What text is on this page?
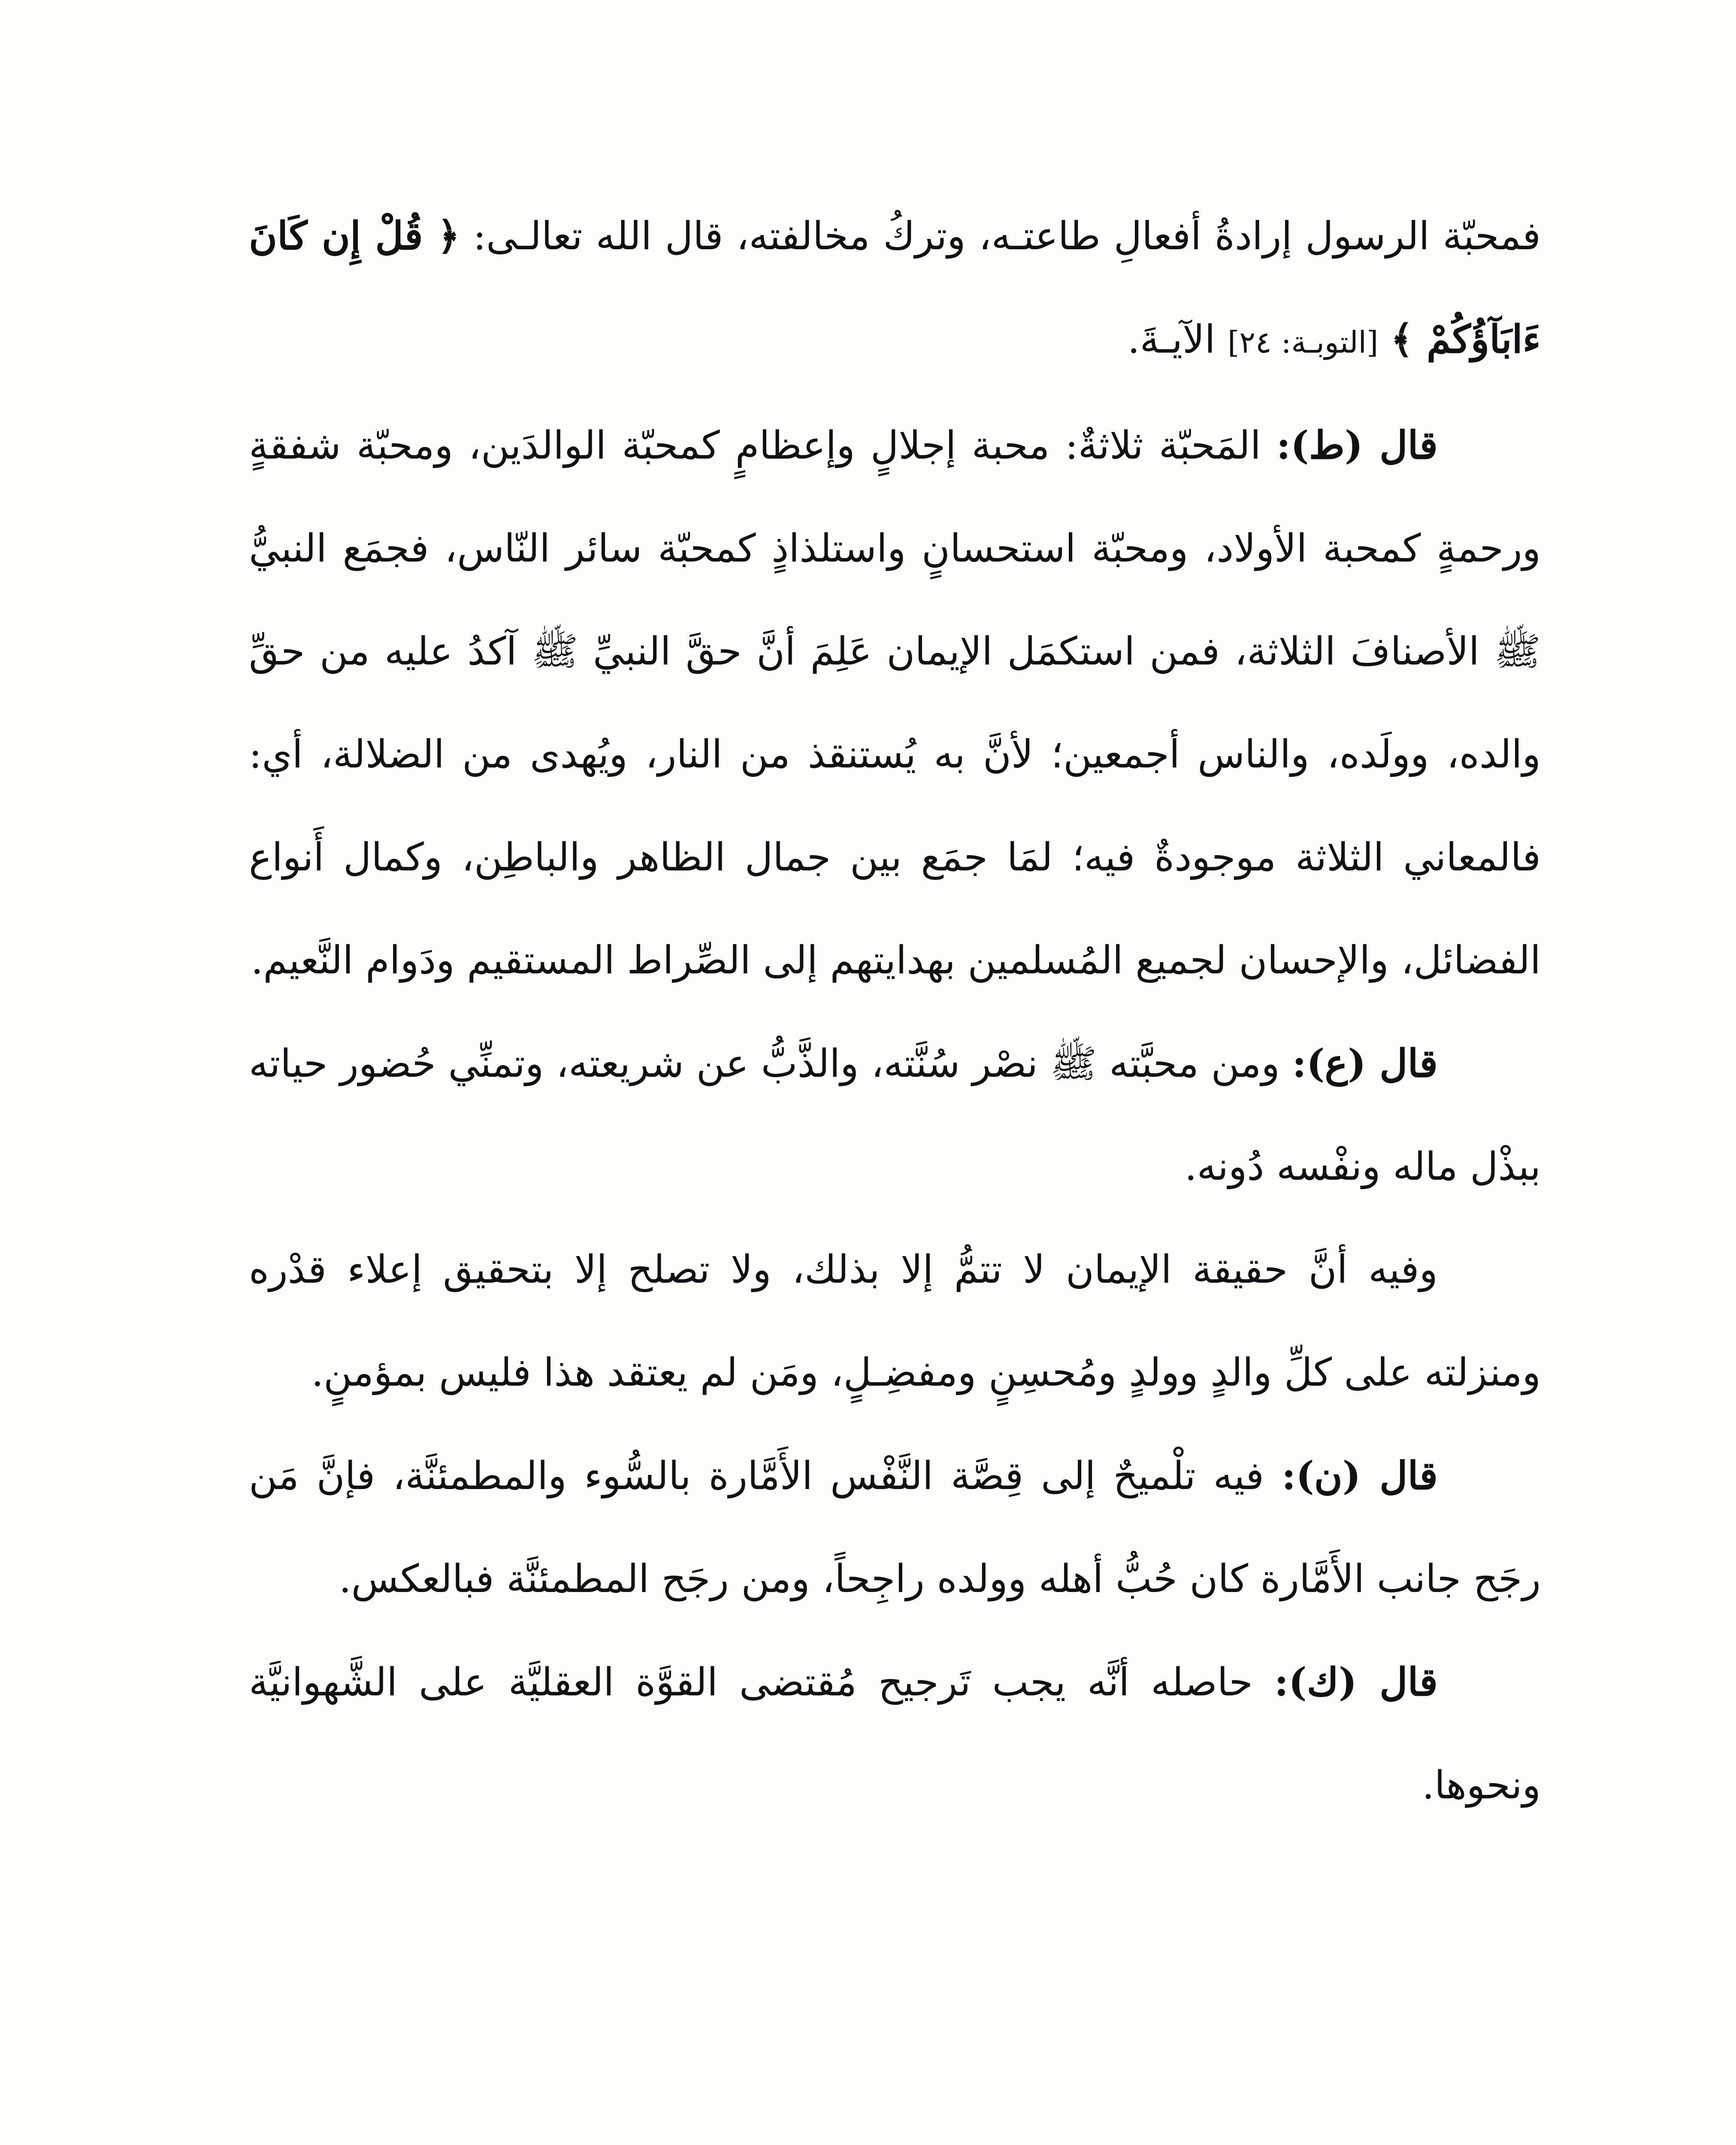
فمحبّة الرسول إرادةُ أفعالِ طاعتـه، وتركُ مخالفته، قال الله تعالـى: ﴿ قُلْ إِن كَانَ ءَابَآؤُكُمْ ﴾ [التوبـة: ٢٤] الآيـةَ.

قال (ط): المَحبّة ثلاثةٌ: محبة إجلالٍ وإعظامٍ كمحبّة الوالدَين، ومحبّة شفقةٍ ورحمةٍ كمحبة الأولاد، ومحبّة استحسانٍ واستلذاذٍ كمحبّة سائر النّاس، فجمَع النبيُّ ﷺ الأصنافَ الثلاثة، فمن استكمَل الإيمان عَلِمَ أنَّ حقَّ النبيِّ ﷺ آكدُ عليه من حقِّ والده، وولَده، والناس أجمعين؛ لأنَّ به يُستنقذ من النار، ويُهدى من الضلالة، أي: فالمعاني الثلاثة موجودةٌ فيه؛ لمَا جمَع بين جمال الظاهر والباطِن، وكمال أَنواع الفضائل، والإحسان لجميع المُسلمين بهدايتهم إلى الصِّراط المستقيم ودَوام النَّعيم.

قال (ع): ومن محبَّته ﷺ نصْر سُنَّته، والذَّبُّ عن شريعته، وتمنِّي حُضور حياته ببذْل ماله ونفْسه دُونه.

وفيه أنَّ حقيقة الإيمان لا تتمُّ إلا بذلك، ولا تصلح إلا بتحقيق إعلاء قدْره ومنزلته على كلِّ والدٍ وولدٍ ومُحسِنٍ ومفضِـلٍ، ومَن لم يعتقد هذا فليس بمؤمنٍ.

قال (ن): فيه تلْميحٌ إلى قِصَّة النَّفْس الأَمَّارة بالسُّوء والمطمئنَّة، فإنَّ مَن رجَح جانب الأَمَّارة كان حُبُّ أهله وولده راجِحاً، ومن رجَح المطمئنَّة فبالعكس.

قال (ك): حاصله أنَّه يجب تَرجيح مُقتضى القوَّة العقليَّة على الشَّهوانيَّة ونحوها.
